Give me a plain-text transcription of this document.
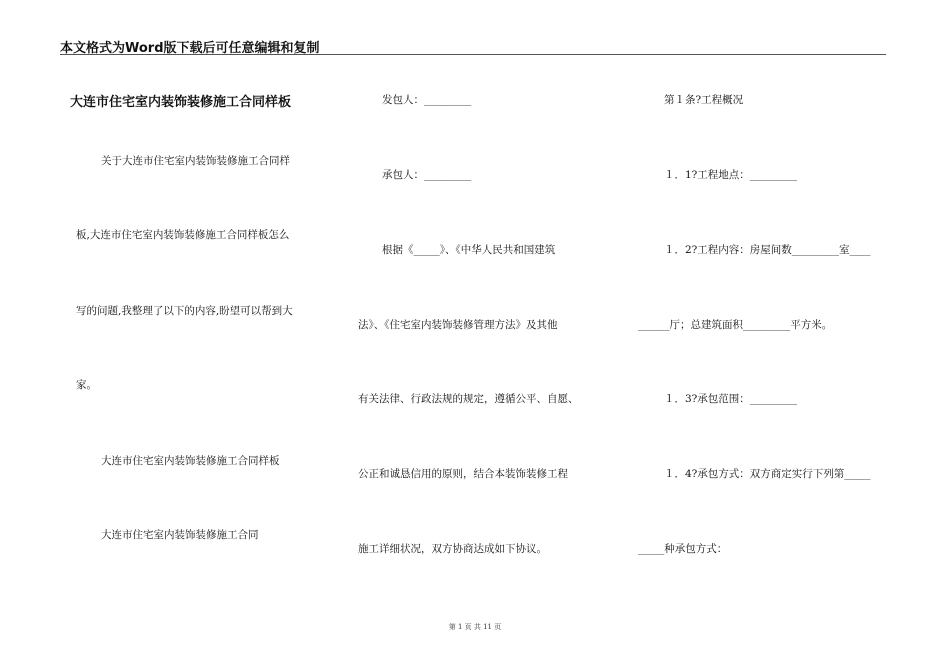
本文格式为Word版下载后可任意编辑和复制
大连市住宅室内装饰装修施工合同样板
关于大连市住宅室内装饰装修施工合同样
板,大连市住宅室内装饰装修施工合同样板怎么
写的问题,我整理了以下的内容,盼望可以帮到大
家。
大连市住宅室内装饰装修施工合同样板
大连市住宅室内装饰装修施工合同
发包人：_________
承包人：_________
根据《_____》、《中华人民共和国建筑
法》、《住宅室内装饰装修管理方法》及其他
有关法律、行政法规的规定，遵循公平、自愿、
公正和诚恳信用的原则，结合本装饰装修工程
施工详细状况，双方协商达成如下协议。
第１条?工程概况
１．1?工程地点：_________
１．2?工程内容：房屋间数_________室____
______厅；总建筑面积_________平方米。
１．3?承包范围：_________
１．4?承包方式：双方商定实行下列第_____
_____种承包方式：
第 1 页 共 11 页
